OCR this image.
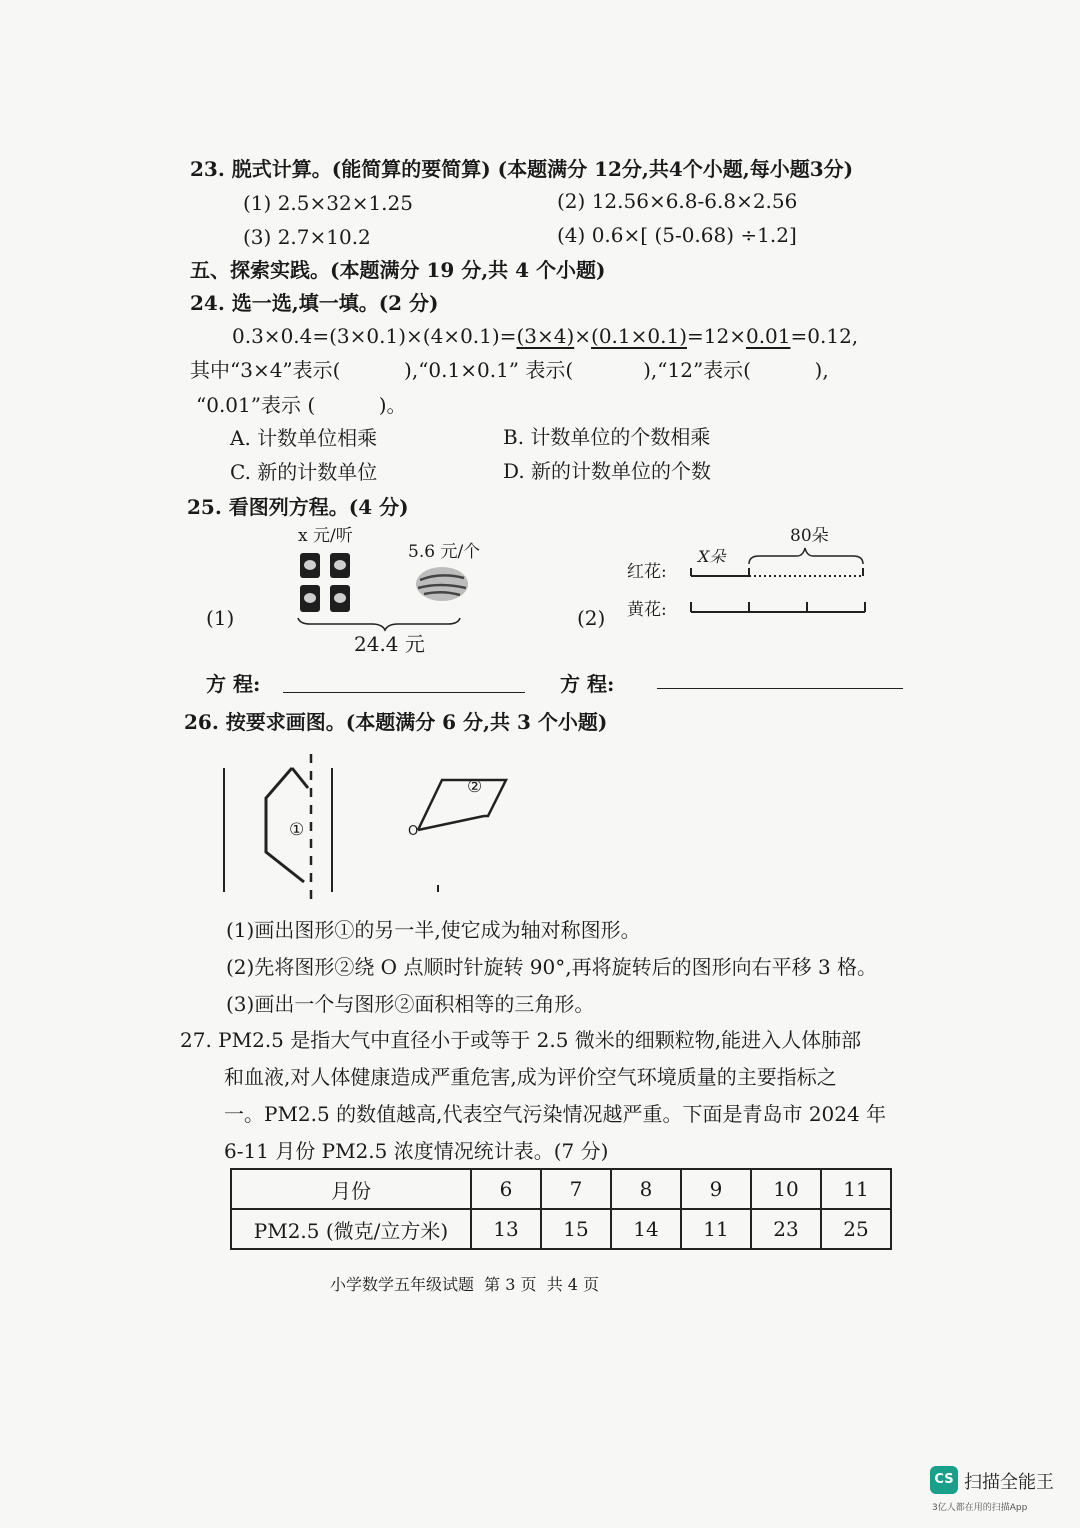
23. 脱式计算。(能简算的要简算) (本题满分 12分,共4个小题,每小题3分)
(1) 2.5×32×1.25	(2) 12.56×6.8-6.8×2.56
(3) 2.7×10.2	(4) 0.6×[ (5-0.68) ÷1.2]
五、探索实践。(本题满分 19 分,共 4 个小题)
24. 选一选,填一填。(2 分)
0.3×0.4=(3×0.1)×(4×0.1)=(3×4)×(0.1×0.1)=12×0.01=0.12,
其中“3×4”表示(          ),“0.1×0.1” 表示(           ),“12”表示(          ),
“0.01”表示 (          )。
A. 计数单位相乘	B. 计数单位的个数相乘
C. 新的计数单位	D. 新的计数单位的个数
25. 看图列方程。(4 分)
x 元/听
5.6 元/个
(1)
24.4 元
(2)
红花:
黄花:
X朵
80朵
方 程:	方 程:
26. 按要求画图。(本题满分 6 分,共 3 个小题)
①
②
O
(1)画出图形①的另一半,使它成为轴对称图形。
(2)先将图形②绕 O 点顺时针旋转 90°,再将旋转后的图形向右平移 3 格。
(3)画出一个与图形②面积相等的三角形。
27. PM2.5 是指大气中直径小于或等于 2.5 微米的细颗粒物,能进入人体肺部
和血液,对人体健康造成严重危害,成为评价空气环境质量的主要指标之
一。PM2.5 的数值越高,代表空气污染情况越严重。下面是青岛市 2024 年
6-11 月份 PM2.5 浓度情况统计表。(7 分)
月份	6	7	8	9	10	11
PM2.5 (微克/立方米)	13	15	14	11	23	25
小学数学五年级试题  第 3 页  共 4 页
CS 扫描全能王
3亿人都在用的扫描App
